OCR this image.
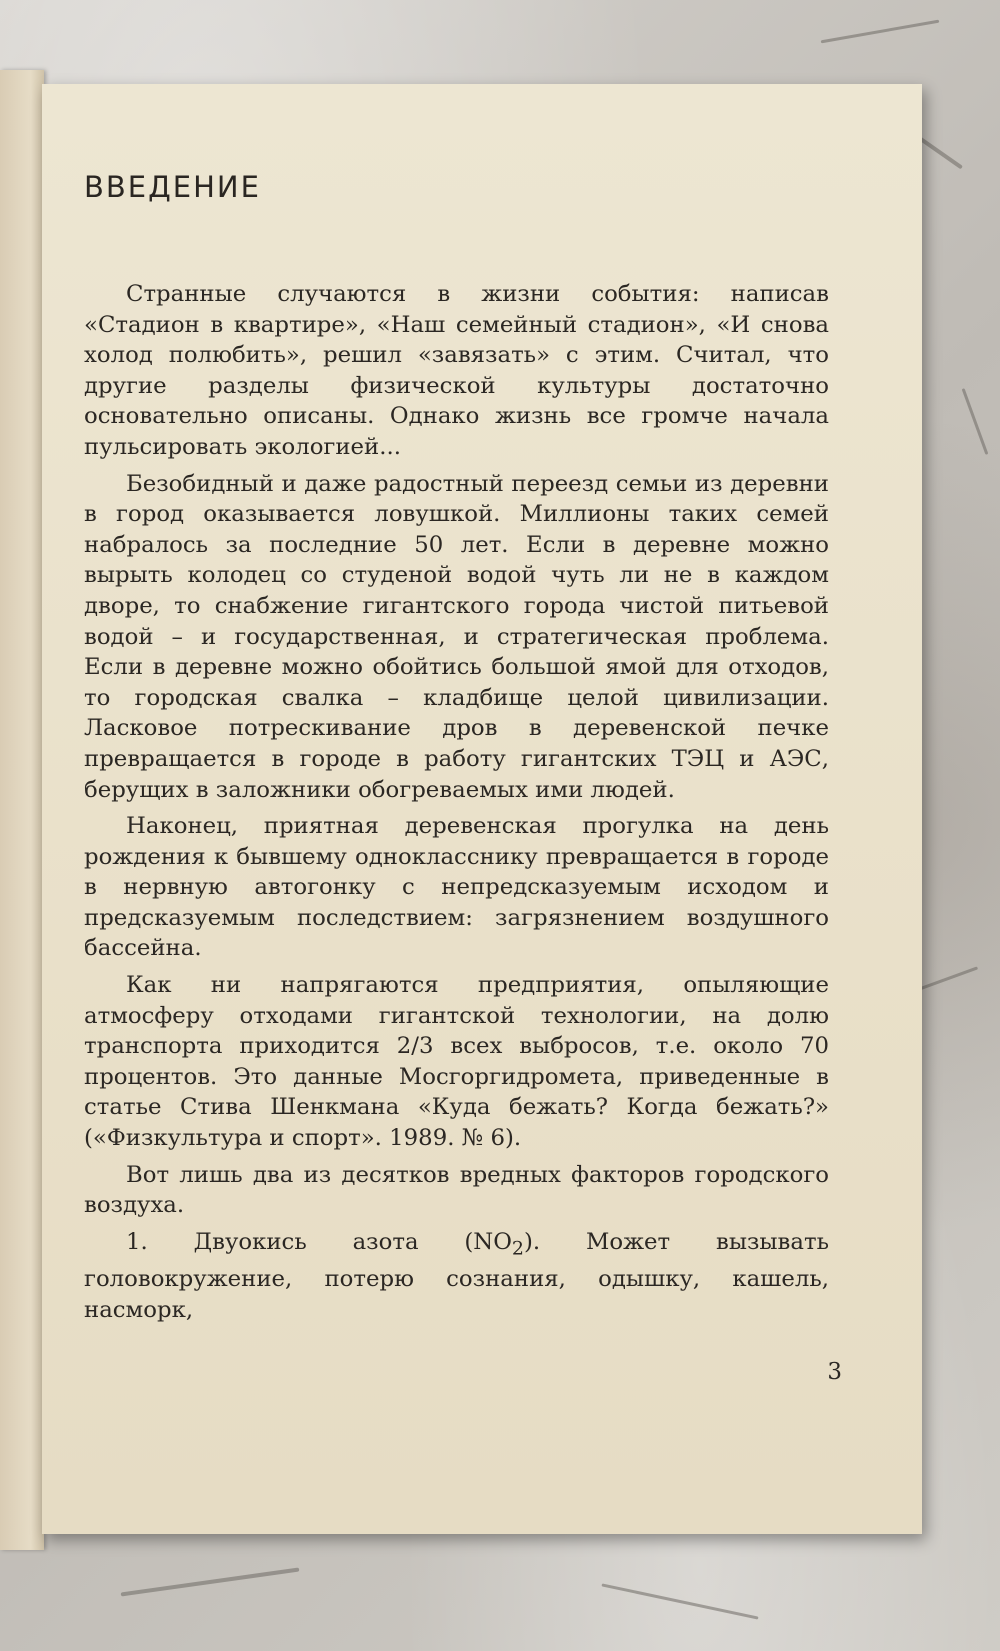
ВВЕДЕНИЕ

Странные случаются в жизни события: написав «Стадион в квартире», «Наш семейный стадион», «И снова холод полюбить», решил «завязать» с этим. Считал, что другие разделы физической культуры достаточно основательно описаны. Однако жизнь все громче начала пульсировать экологией...

Безобидный и даже радостный переезд семьи из деревни в город оказывается ловушкой. Миллионы таких семей набралось за последние 50 лет. Если в деревне можно вырыть колодец со студеной водой чуть ли не в каждом дворе, то снабжение гигантского города чистой питьевой водой – и государственная, и стратегическая проблема. Если в деревне можно обойтись большой ямой для отходов, то городская свалка – кладбище целой цивилизации. Ласковое потрескивание дров в деревенской печке превращается в городе в работу гигантских ТЭЦ и АЭС, берущих в заложники обогреваемых ими людей.

Наконец, приятная деревенская прогулка на день рождения к бывшему однокласснику превращается в городе в нервную автогонку с непредсказуемым исходом и предсказуемым последствием: загрязнением воздушного бассейна.

Как ни напрягаются предприятия, опыляющие атмосферу отходами гигантской технологии, на долю транспорта приходится 2/3 всех выбросов, т.е. около 70 процентов. Это данные Мосгоргидромета, приведенные в статье Стива Шенкмана «Куда бежать? Когда бежать?» («Физкультура и спорт». 1989. № 6).

Вот лишь два из десятков вредных факторов городского воздуха.

1. Двуокись азота $(NO_2)$. Может вызывать головокружение, потерю сознания, одышку, кашель, насморк,

3
